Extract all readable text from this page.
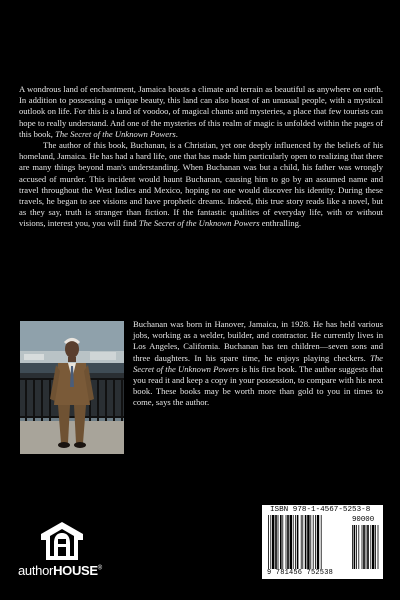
A wondrous land of enchantment, Jamaica boasts a climate and terrain as beautiful as anywhere on earth. In addition to possessing a unique beauty, this land can also boast of an unusual people, with a mystical outlook on life. For this is a land of voodoo, of magical chants and mysteries, a place that few tourists can hope to really understand. And one of the mysteries of this realm of magic is unfolded within the pages of this book, The Secret of the Unknown Powers.

The author of this book, Buchanan, is a Christian, yet one deeply influenced by the beliefs of his homeland, Jamaica. He has had a hard life, one that has made him particularly open to realizing that there are many things beyond man's understanding. When Buchanan was but a child, his father was wrongly accused of murder. This incident would haunt Buchanan, causing him to go by an assumed name and travel throughout the West Indies and Mexico, hoping no one would discover his identity. During these travels, he began to see visions and have prophetic dreams. Indeed, this true story reads like a novel, but as they say, truth is stranger than fiction. If the fantastic qualities of everyday life, with or without visions, interest you, you will find The Secret of the Unknown Powers enthralling.

Buchanan was born in Hanover, Jamaica, in 1928. He has held various jobs, working as a welder, builder, and contractor. He currently lives in Los Angeles, California. Buchanan has ten children—seven sons and three daughters. In his spare time, he enjoys playing checkers. The Secret of the Unknown Powers is his first book. The author suggests that you read it and keep a copy in your possession, to compare with his next book. These books may be worth more than gold to you in times to come, says the author.

authorHOUSE®
ISBN 978-1-4567-5253-8
90000
9 781456 752538
